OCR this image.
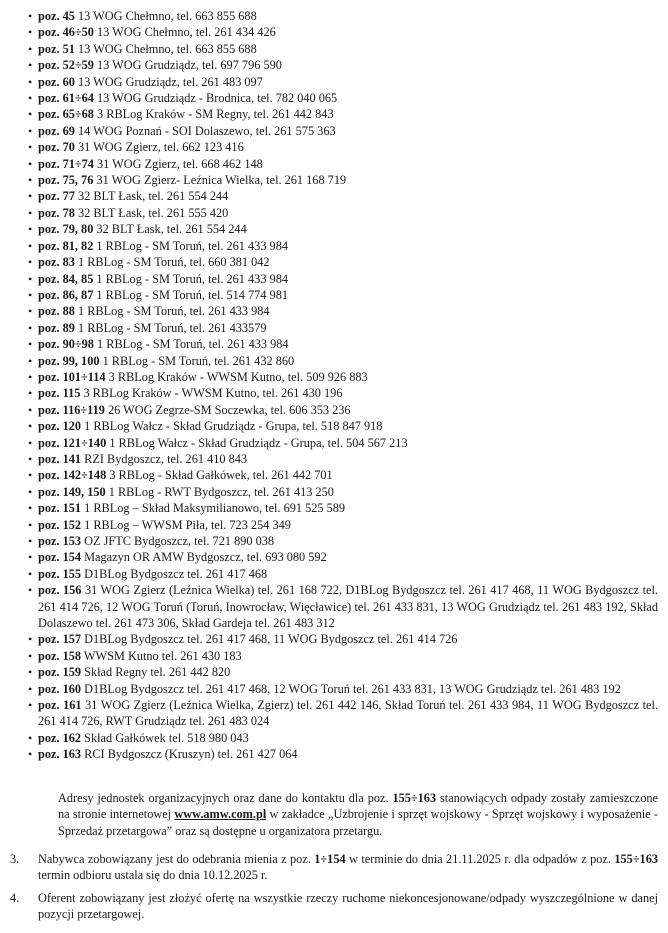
• poz. 45 13 WOG Chełmno, tel. 663 855 688
• poz. 46÷50 13 WOG Chełmno, tel. 261 434 426
• poz. 51 13 WOG Chełmno, tel. 663 855 688
• poz. 52÷59 13 WOG Grudziądz, tel. 697 796 590
• poz. 60 13 WOG Grudziądz, tel. 261 483 097
• poz. 61÷64 13 WOG Grudziądz - Brodnica, tel. 782 040 065
• poz. 65÷68 3 RBLog Kraków - SM Regny, tel. 261 442 843
• poz. 69 14 WOG Poznań - SOI Dolaszewo, tel. 261 575 363
• poz. 70 31 WOG Zgierz, tel. 662 123 416
• poz. 71÷74 31 WOG Zgierz, tel. 668 462 148
• poz. 75, 76 31 WOG Zgierz- Leźnica Wielka, tel. 261 168 719
• poz. 77 32 BLT Łask, tel. 261 554 244
• poz. 78 32 BLT Łask, tel. 261 555 420
• poz. 79, 80 32 BLT Łask, tel. 261 554 244
• poz. 81, 82 1 RBLog - SM Toruń, tel. 261 433 984
• poz. 83 1 RBLog - SM Toruń, tel. 660 381 042
• poz. 84, 85 1 RBLog - SM Toruń, tel. 261 433 984
• poz. 86, 87 1 RBLog - SM Toruń, tel. 514 774 981
• poz. 88 1 RBLog - SM Toruń, tel. 261 433 984
• poz. 89 1 RBLog - SM Toruń, tel. 261 433579
• poz. 90÷98 1 RBLog - SM Toruń, tel. 261 433 984
• poz. 99, 100 1 RBLog - SM Toruń, tel. 261 432 860
• poz. 101÷114 3 RBLog Kraków - WWSM Kutno, tel. 509 926 883
• poz. 115 3 RBLog Kraków - WWSM Kutno, tel. 261 430 196
• poz. 116÷119 26 WOG Zegrze-SM Soczewka, tel. 606 353 236
• poz. 120 1 RBLog Wałcz - Skład Grudziądz - Grupa, tel. 518 847 918
• poz. 121÷140 1 RBLog Wałcz - Skład Grudziądz - Grupa, tel. 504 567 213
• poz. 141 RZI Bydgoszcz, tel. 261 410 843
• poz. 142÷148 3 RBLog - Skład Gałkówek, tel. 261 442 701
• poz. 149, 150 1 RBLog - RWT Bydgoszcz, tel. 261 413 250
• poz. 151 1 RBLog – Skład Maksymilianowo, tel. 691 525 589
• poz. 152 1 RBLog – WWSM Piła, tel. 723 254 349
• poz. 153 OZ JFTC Bydgoszcz, tel. 721 890 038
• poz. 154 Magazyn OR AMW Bydgoszcz, tel. 693 080 592
• poz. 155 D1BLog Bydgoszcz tel. 261 417 468
• poz. 156 31 WOG Zgierz (Leźnica Wielka) tel. 261 168 722, D1BLog Bydgoszcz tel. 261 417 468, 11 WOG Bydgoszcz tel. 261 414 726, 12 WOG Toruń (Toruń, Inowrocław, Więcławice) tel. 261 433 831, 13 WOG Grudziądz tel. 261 483 192, Skład Dolaszewo tel. 261 473 306, Skład Gardeja tel. 261 483 312
• poz. 157 D1BLog Bydgoszcz tel. 261 417 468, 11 WOG Bydgoszcz tel. 261 414 726
• poz. 158 WWSM Kutno tel. 261 430 183
• poz. 159 Skład Regny tel. 261 442 820
• poz. 160 D1BLog Bydgoszcz tel. 261 417 468, 12 WOG Toruń tel. 261 433 831, 13 WOG Grudziądz tel. 261 483 192
• poz. 161 31 WOG Zgierz (Leźnica Wielka, Zgierz) tel. 261 442 146, Skład Toruń tel. 261 433 984, 11 WOG Bydgoszcz tel. 261 414 726, RWT Grudziądz tel. 261 483 024
• poz. 162 Skład Gałkówek tel. 518 980 043
• poz. 163 RCI Bydgoszcz (Kruszyn) tel. 261 427 064
Adresy jednostek organizacyjnych oraz dane do kontaktu dla poz. 155÷163 stanowiących odpady zostały zamieszczone na stronie internetowej www.amw.com.pl w zakładce „Uzbrojenie i sprzęt wojskowy - Sprzęt wojskowy i wyposażenie - Sprzedaż przetargowa” oraz są dostępne u organizatora przetargu.
3. Nabywca zobowiązany jest do odebrania mienia z poz. 1÷154 w terminie do dnia 21.11.2025 r. dla odpadów z poz. 155÷163 termin odbioru ustala się do dnia 10.12.2025 r.
4. Oferent zobowiązany jest złożyć ofertę na wszystkie rzeczy ruchome niekoncesjonowane/odpady wyszczególnione w danej pozycji przetargowej.
